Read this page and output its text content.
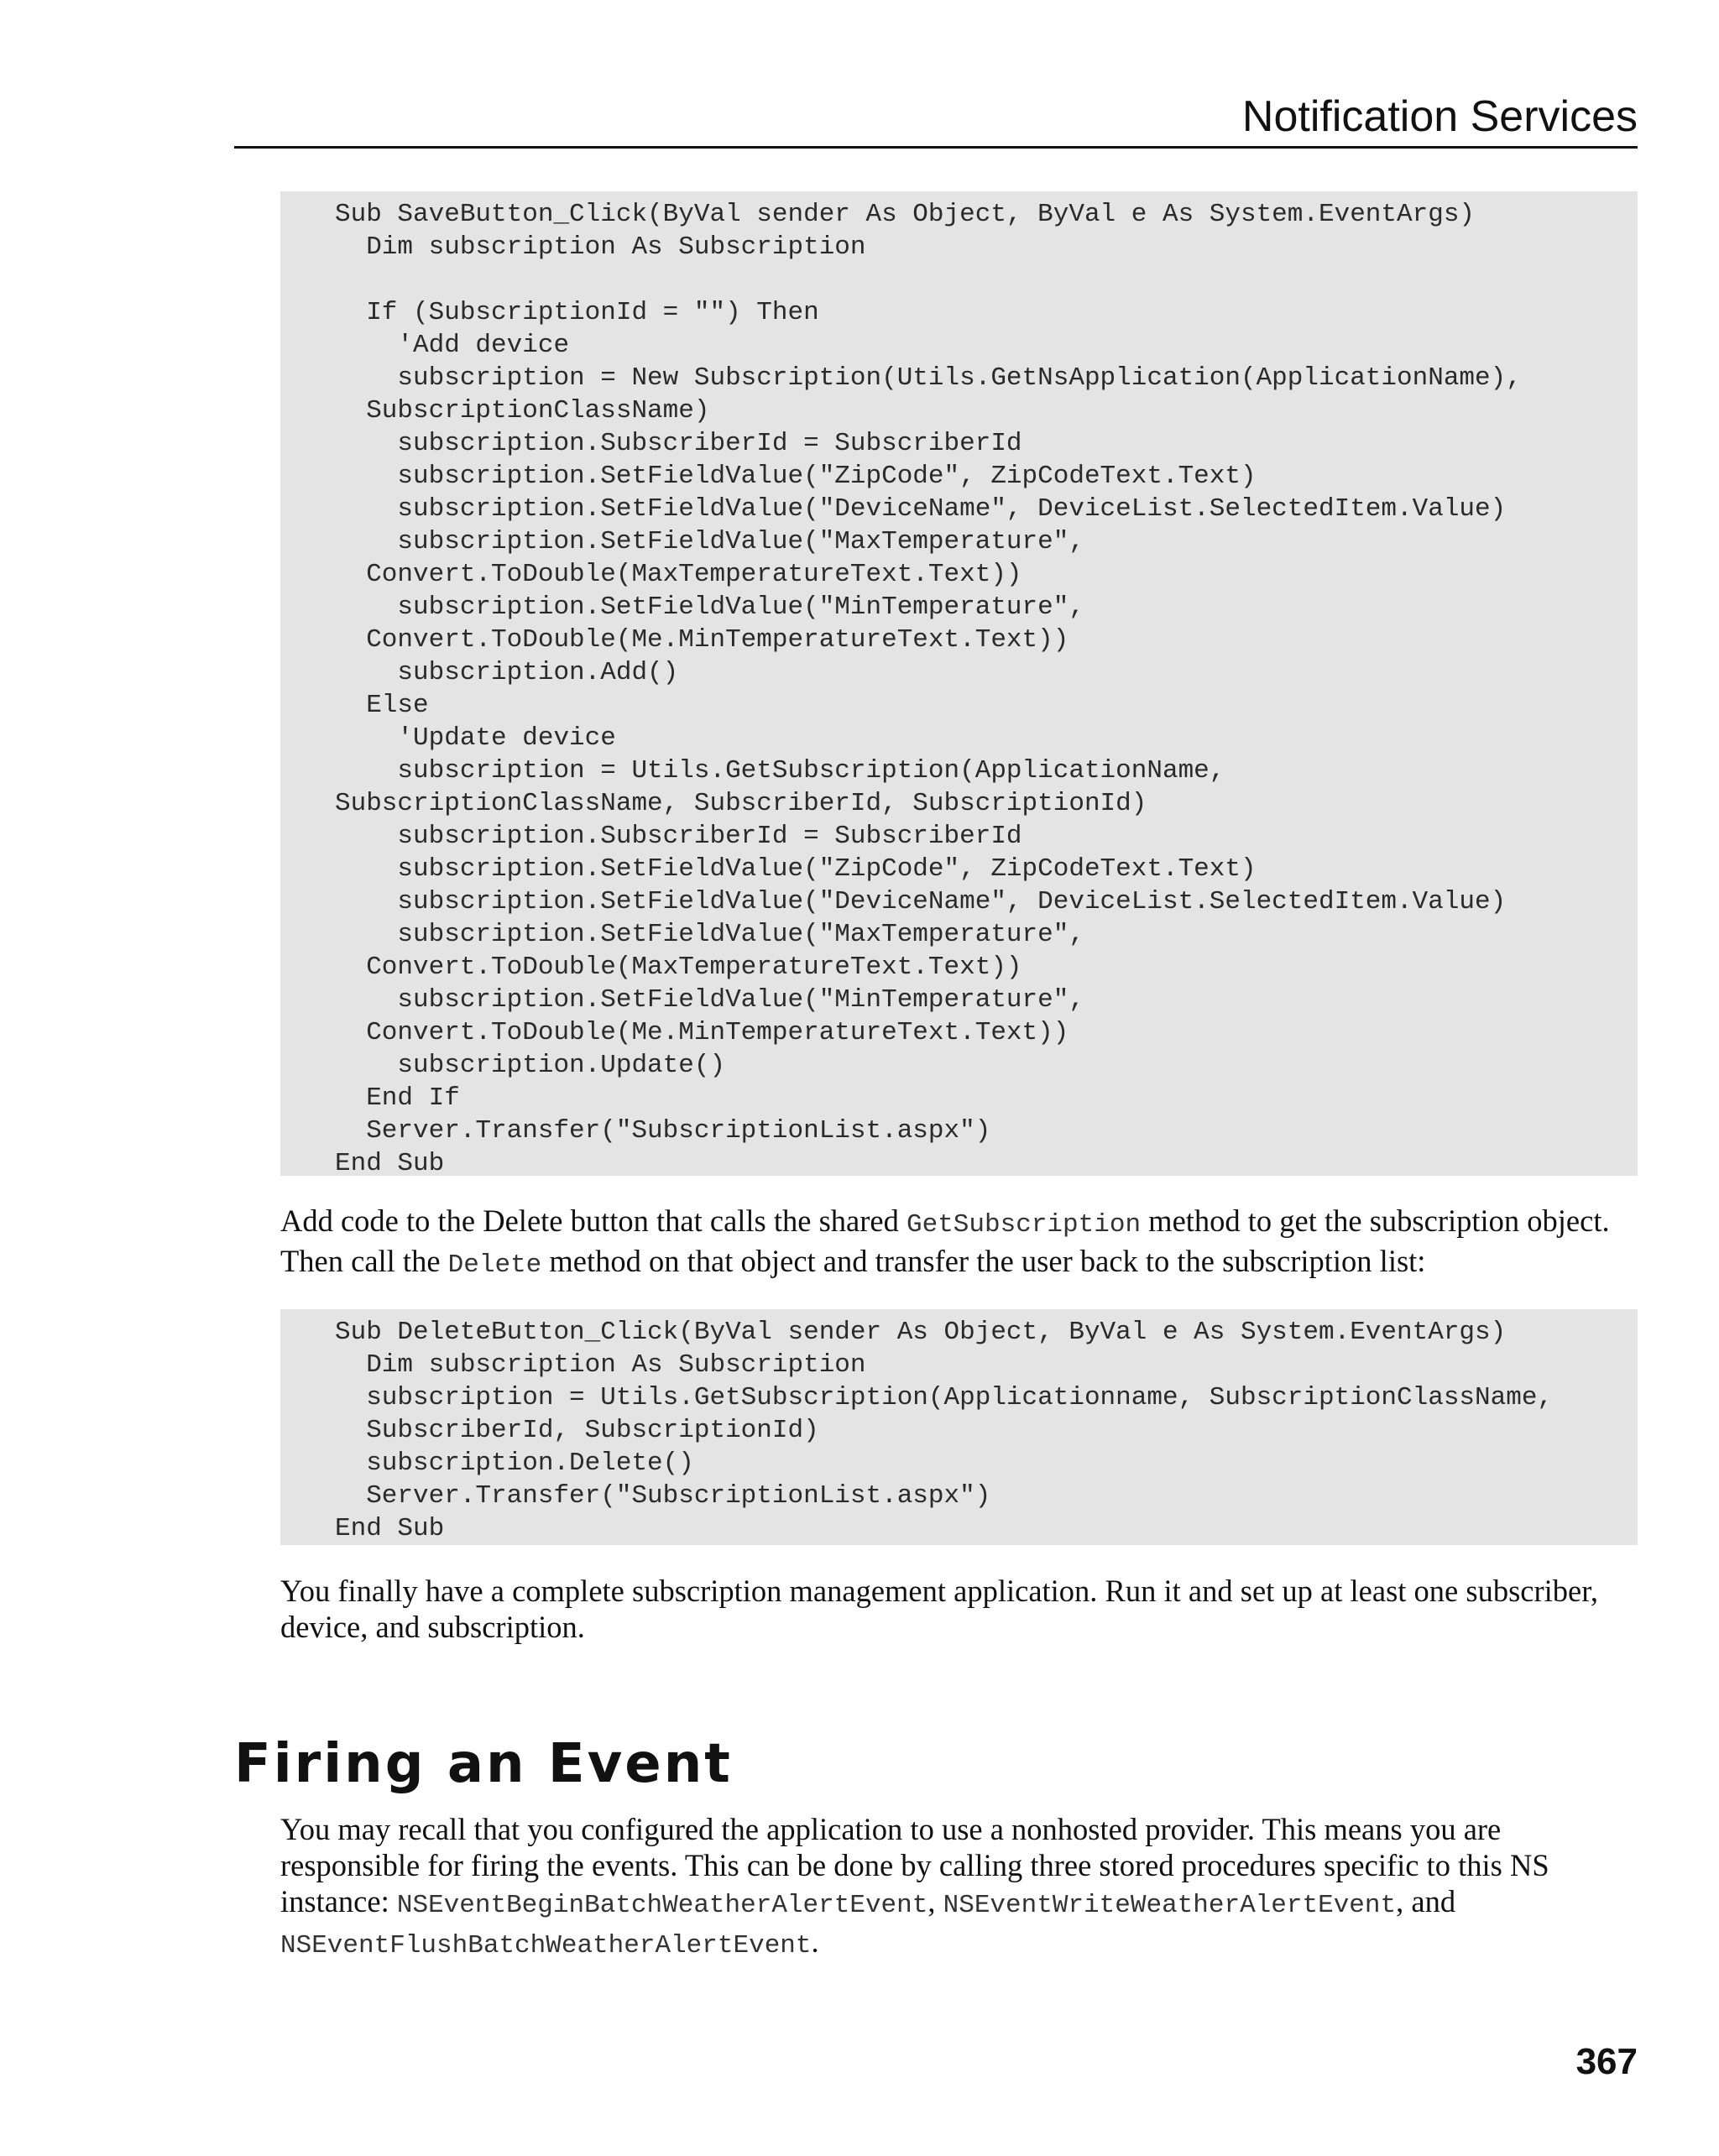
Notification Services
Sub SaveButton_Click(ByVal sender As Object, ByVal e As System.EventArgs)
Dim subscription As Subscription
If (SubscriptionId = "") Then
'Add device
subscription = New Subscription(Utils.GetNsApplication(ApplicationName),
SubscriptionClassName)
subscription.SubscriberId = SubscriberId
subscription.SetFieldValue("ZipCode", ZipCodeText.Text)
subscription.SetFieldValue("DeviceName", DeviceList.SelectedItem.Value)
subscription.SetFieldValue("MaxTemperature",
Convert.ToDouble(MaxTemperatureText.Text))
subscription.SetFieldValue("MinTemperature",
Convert.ToDouble(Me.MinTemperatureText.Text))
subscription.Add()
Else
'Update device
subscription = Utils.GetSubscription(ApplicationName,
SubscriptionClassName, SubscriberId, SubscriptionId)
subscription.SubscriberId = SubscriberId
subscription.SetFieldValue("ZipCode", ZipCodeText.Text)
subscription.SetFieldValue("DeviceName", DeviceList.SelectedItem.Value)
subscription.SetFieldValue("MaxTemperature",
Convert.ToDouble(MaxTemperatureText.Text))
subscription.SetFieldValue("MinTemperature",
Convert.ToDouble(Me.MinTemperatureText.Text))
subscription.Update()
End If
Server.Transfer("SubscriptionList.aspx")
End Sub

Add code to the Delete button that calls the shared GetSubscription method to get the subscription object. Then call the Delete method on that object and transfer the user back to the subscription list:

Sub DeleteButton_Click(ByVal sender As Object, ByVal e As System.EventArgs)
Dim subscription As Subscription
subscription = Utils.GetSubscription(Applicationname, SubscriptionClassName,
SubscriberId, SubscriptionId)
subscription.Delete()
Server.Transfer("SubscriptionList.aspx")
End Sub

You finally have a complete subscription management application. Run it and set up at least one subscriber, device, and subscription.

Firing an Event

You may recall that you configured the application to use a nonhosted provider. This means you are responsible for firing the events. This can be done by calling three stored procedures specific to this NS instance: NSEventBeginBatchWeatherAlertEvent, NSEventWriteWeatherAlertEvent, and NSEventFlushBatchWeatherAlertEvent.

367
